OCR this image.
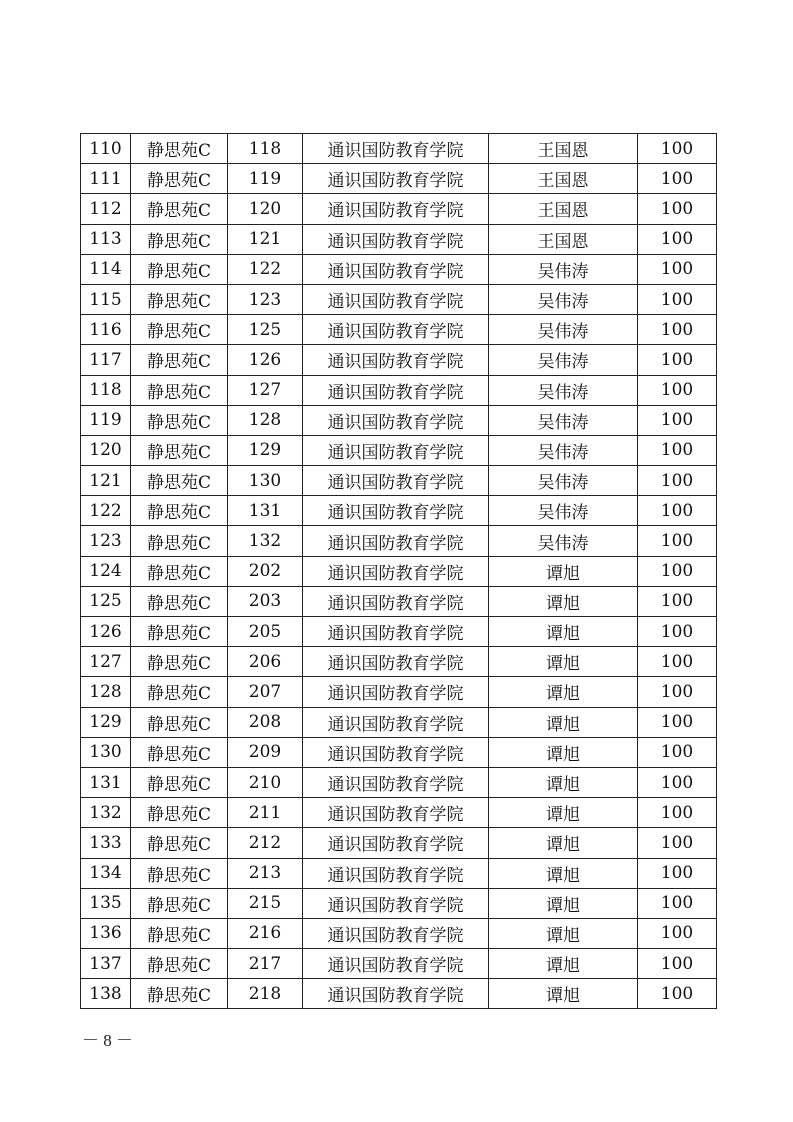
110	静思苑C	118	通识国防教育学院	王国恩	100
111	静思苑C	119	通识国防教育学院	王国恩	100
112	静思苑C	120	通识国防教育学院	王国恩	100
113	静思苑C	121	通识国防教育学院	王国恩	100
114	静思苑C	122	通识国防教育学院	吴伟涛	100
115	静思苑C	123	通识国防教育学院	吴伟涛	100
116	静思苑C	125	通识国防教育学院	吴伟涛	100
117	静思苑C	126	通识国防教育学院	吴伟涛	100
118	静思苑C	127	通识国防教育学院	吴伟涛	100
119	静思苑C	128	通识国防教育学院	吴伟涛	100
120	静思苑C	129	通识国防教育学院	吴伟涛	100
121	静思苑C	130	通识国防教育学院	吴伟涛	100
122	静思苑C	131	通识国防教育学院	吴伟涛	100
123	静思苑C	132	通识国防教育学院	吴伟涛	100
124	静思苑C	202	通识国防教育学院	谭旭	100
125	静思苑C	203	通识国防教育学院	谭旭	100
126	静思苑C	205	通识国防教育学院	谭旭	100
127	静思苑C	206	通识国防教育学院	谭旭	100
128	静思苑C	207	通识国防教育学院	谭旭	100
129	静思苑C	208	通识国防教育学院	谭旭	100
130	静思苑C	209	通识国防教育学院	谭旭	100
131	静思苑C	210	通识国防教育学院	谭旭	100
132	静思苑C	211	通识国防教育学院	谭旭	100
133	静思苑C	212	通识国防教育学院	谭旭	100
134	静思苑C	213	通识国防教育学院	谭旭	100
135	静思苑C	215	通识国防教育学院	谭旭	100
136	静思苑C	216	通识国防教育学院	谭旭	100
137	静思苑C	217	通识国防教育学院	谭旭	100
138	静思苑C	218	通识国防教育学院	谭旭	100
－ 8 －
